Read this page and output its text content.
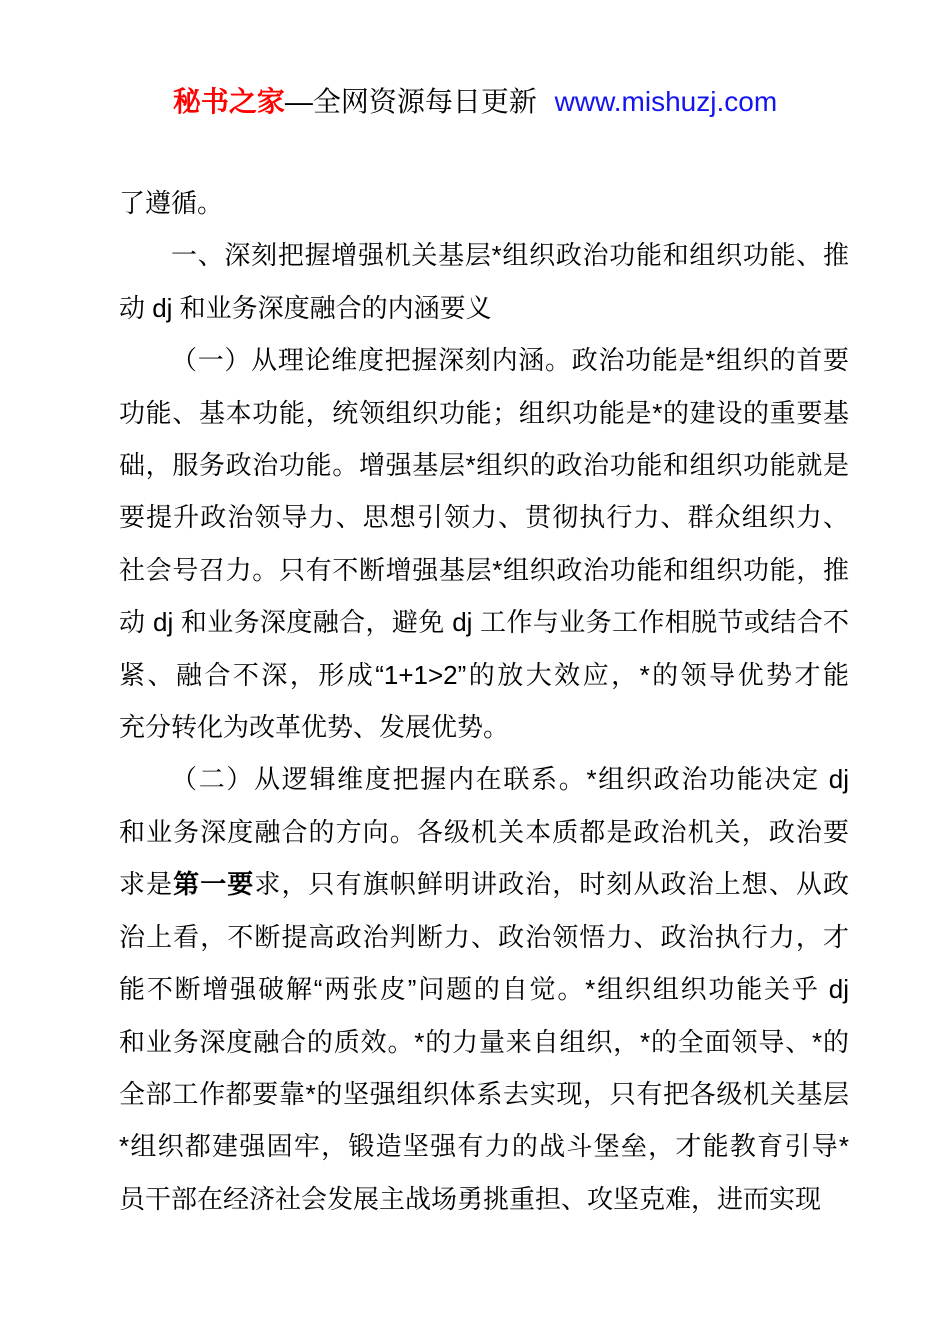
秘书之家—全网资源每日更新 www.mishuzj.com
了遵循。
一、深刻把握增强机关基层*组织政治功能和组织功能、推
动 dj 和业务深度融合的内涵要义
（一）从理论维度把握深刻内涵。政治功能是*组织的首要
功能、基本功能，统领组织功能；组织功能是*的建设的重要基
础，服务政治功能。增强基层*组织的政治功能和组织功能就是
要提升政治领导力、思想引领力、贯彻执行力、群众组织力、
社会号召力。只有不断增强基层*组织政治功能和组织功能，推
动 dj 和业务深度融合，避免 dj 工作与业务工作相脱节或结合不
紧、融合不深，形成“1+1>2”的放大效应，*的领导优势才能
充分转化为改革优势、发展优势。
（二）从逻辑维度把握内在联系。*组织政治功能决定 dj
和业务深度融合的方向。各级机关本质都是政治机关，政治要
求是第一要求，只有旗帜鲜明讲政治，时刻从政治上想、从政
治上看，不断提高政治判断力、政治领悟力、政治执行力，才
能不断增强破解“两张皮”问题的自觉。*组织组织功能关乎 dj
和业务深度融合的质效。*的力量来自组织，*的全面领导、*的
全部工作都要靠*的坚强组织体系去实现，只有把各级机关基层
*组织都建强固牢，锻造坚强有力的战斗堡垒，才能教育引导*
员干部在经济社会发展主战场勇挑重担、攻坚克难，进而实现
